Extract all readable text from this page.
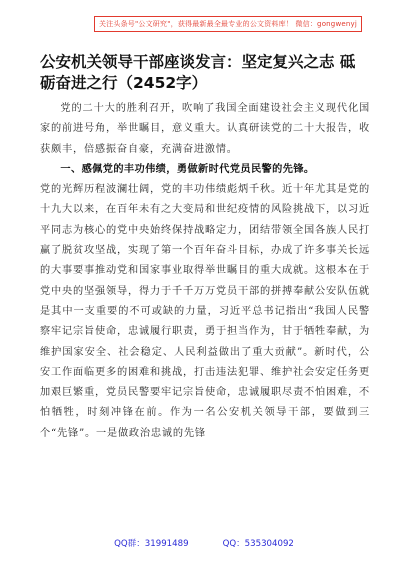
关注头条号"公文研究"，获得最新最全最专业的公文资料库！ 微信：gongwenyj
公安机关领导干部座谈发言：坚定复兴之志 砥砺奋进之行（2452字）

党的二十大的胜利召开，吹响了我国全面建设社会主义现代化国家的前进号角，举世瞩目，意义重大。认真研读党的二十大报告，收获颇丰，倍感振奋自豪，充满奋进激情。

一、感佩党的丰功伟绩，勇做新时代党员民警的先锋。

党的光辉历程波澜壮阔，党的丰功伟绩彪炳千秋。近十年尤其是党的十九大以来，在百年未有之大变局和世纪疫情的风险挑战下，以习近平同志为核心的党中央始终保持战略定力，团结带领全国各族人民打赢了脱贫攻坚战，实现了第一个百年奋斗目标，办成了许多事关长远的大事要事推动党和国家事业取得举世瞩目的重大成就。这根本在于党中央的坚强领导，得力于千千万万党员干部的拼搏奉献公安队伍就是其中一支重要的不可或缺的力量，习近平总书记指出“我国人民警察牢记宗旨使命，忠诚履行职责，勇于担当作为，甘于牺牲奉献，为维护国家安全、社会稳定、人民利益做出了重大贡献”。新时代，公安工作面临更多的困难和挑战，打击违法犯罪、维护社会安定任务更加艰巨繁重，党员民警要牢记宗旨使命，忠诚履职尽责不怕困难，不怕牺牲，时刻冲锋在前。作为一名公安机关领导干部，要做到三个“先锋”。一是做政治忠诚的先锋

QQ群：31991489	QQ：535304092
